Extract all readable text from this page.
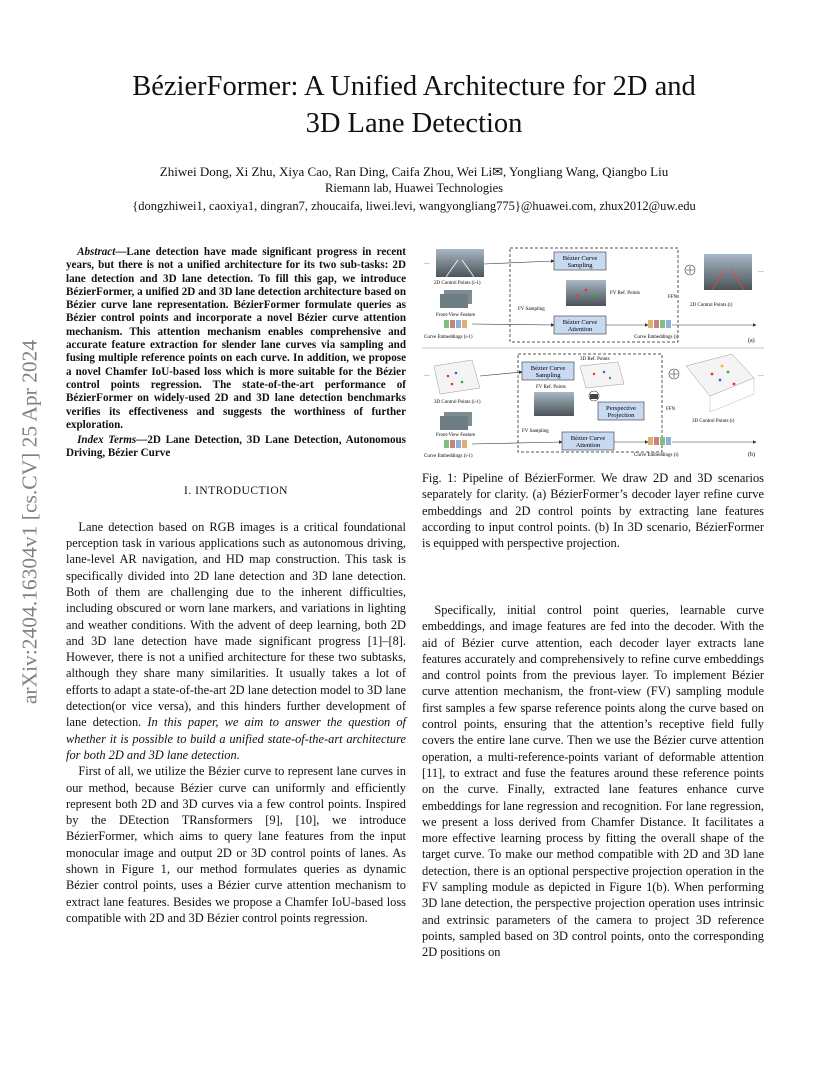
BézierFormer: A Unified Architecture for 2D and
3D Lane Detection
Zhiwei Dong, Xi Zhu, Xiya Cao, Ran Ding, Caifa Zhou, Wei Li✉, Yongliang Wang, Qiangbo Liu
Riemann lab, Huawei Technologies
{dongzhiwei1, caoxiya1, dingran7, zhoucaifa, liwei.levi, wangyongliang775}@huawei.com, zhux2012@uw.edu
arXiv:2404.16304v1 [cs.CV] 25 Apr 2024

Abstract—Lane detection have made significant progress in recent years, but there is not a unified architecture for its two sub-tasks: 2D lane detection and 3D lane detection. To fill this gap, we introduce BézierFormer, a unified 2D and 3D lane detection architecture based on Bézier curve lane representation. BézierFormer formulate queries as Bézier control points and incorporate a novel Bézier curve attention mechanism. This attention mechanism enables comprehensive and accurate feature extraction for slender lane curves via sampling and fusing multiple reference points on each curve. In addition, we propose a novel Chamfer IoU-based loss which is more suitable for the Bézier control points regression. The state-of-the-art performance of BézierFormer on widely-used 2D and 3D lane detection benchmarks verifies its effectiveness and suggests the worthiness of further exploration.

Index Terms—2D Lane Detection, 3D Lane Detection, Autonomous Driving, Bézier Curve

I. INTRODUCTION

Lane detection based on RGB images is a critical foundational perception task in various applications such as autonomous driving, lane-level AR navigation, and HD map construction. This task is specifically divided into 2D lane detection and 3D lane detection. Both of them are challenging due to the inherent difficulties, including obscured or worn lane markers, and variations in lighting and weather conditions. With the advent of deep learning, both 2D and 3D lane detection have made significant progress [1]–[8]. However, there is not a unified architecture for these two subtasks, although they share many similarities. It usually takes a lot of efforts to adapt a state-of-the-art 2D lane detection model to 3D lane detection(or vice versa), and this hinders further development of lane detection. In this paper, we aim to answer the question of whether it is possible to build a unified state-of-the-art architecture for both 2D and 3D lane detection.

First of all, we utilize the Bézier curve to represent lane curves in our method, because Bézier curve can uniformly and efficiently represent both 2D and 3D curves via a few control points. Inspired by the DEtection TRansformers [9], [10], we introduce BézierFormer, which aims to query lane features from the input monocular image and output 2D or 3D control points of lanes. As shown in Figure 1, our method formulates queries as dynamic Bézier control points, uses a Bézier curve attention mechanism to extract lane features. Besides we propose a Chamfer IoU-based loss compatible with 2D and 3D Bézier control points regression.

…
2D Control Points (i-1)
Front-View Feature
Curve Embeddings (i-1)
Bézier Curve
Sampling
FV Ref. Points
FV Sampling
Bézier Curve
Attention
FFN
…
2D Control Points (i)
Curve Embeddings (i)
(a)
…
3D Control Points (i-1)
Front-View Feature
Curve Embeddings (i-1)
Bézier Curve
Sampling
3D Ref. Points
FV Ref. Points
Perspective
Projection
FV Sampling
Bézier Curve
Attention
FFN
…
3D Control Points (i)
Curve Embeddings (i)	(b)

Fig. 1: Pipeline of BézierFormer. We draw 2D and 3D scenarios separately for clarity. (a) BézierFormer’s decoder layer refine curve embeddings and 2D control points by extracting lane features according to input control points. (b) In 3D scenario, BézierFormer is equipped with perspective projection.

Specifically, initial control point queries, learnable curve embeddings, and image features are fed into the decoder. With the aid of Bézier curve attention, each decoder layer extracts lane features accurately and comprehensively to refine curve embeddings and control points from the previous layer. To implement Bézier curve attention mechanism, the front-view (FV) sampling module first samples a few sparse reference points along the curve based on control points, ensuring that the attention’s receptive field fully covers the entire lane curve. Then we use the Bézier curve attention operation, a multi-reference-points variant of deformable attention [11], to extract and fuse the features around these reference points on the curve. Finally, extracted lane features enhance curve embeddings for lane regression and recognition. For lane regression, we present a loss derived from Chamfer Distance. It facilitates a more effective learning process by fitting the overall shape of the target curve. To make our method compatible with 2D and 3D lane detection, there is an optional perspective projection operation in the FV sampling module as depicted in Figure 1(b). When performing 3D lane detection, the perspective projection operation uses intrinsic and extrinsic parameters of the camera to project 3D reference points, sampled based on 3D control points, onto the corresponding 2D positions on
